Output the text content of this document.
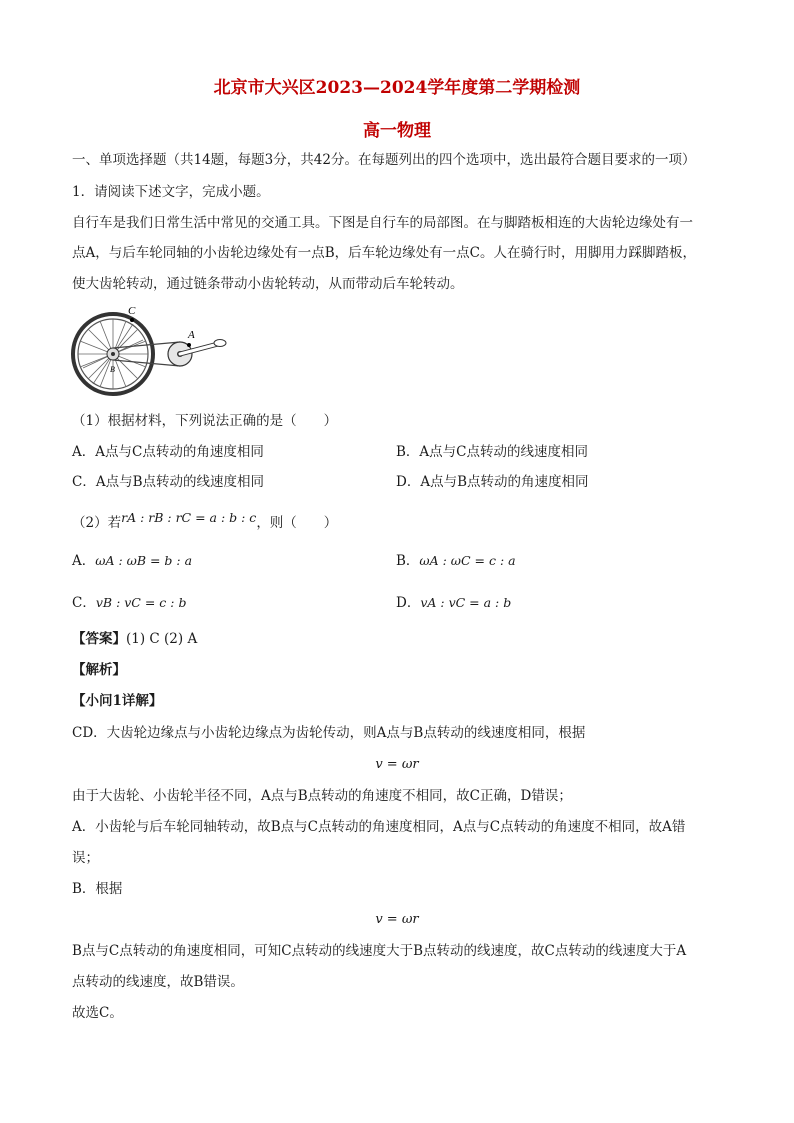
北京市大兴区2023—2024学年度第二学期检测
高一物理
一、单项选择题（共14题，每题3分，共42分。在每题列出的四个选项中，选出最符合题目要求的一项）
1．请阅读下述文字，完成小题。
自行车是我们日常生活中常见的交通工具。下图是自行车的局部图。在与脚踏板相连的大齿轮边缘处有一
点A，与后车轮同轴的小齿轮边缘处有一点B，后车轮边缘处有一点C。人在骑行时，用脚用力踩脚踏板，
使大齿轮转动，通过链条带动小齿轮转动，从而带动后车轮转动。
C
A
B
（1）根据材料，下列说法正确的是（　　）
A．A点与C点转动的角速度相同	B．A点与C点转动的线速度相同
C．A点与B点转动的线速度相同	D．A点与B点转动的角速度相同
（2）若rA : rB : rC = a : b : c，则（　　）
A．ωA : ωB = b : a	B．ωA : ωC = c : a
C．vB : vC = c : b	D．vA : vC = a : b
【答案】(1) C (2) A
【解析】
【小问1详解】
CD．大齿轮边缘点与小齿轮边缘点为齿轮传动，则A点与B点转动的线速度相同，根据
v = ωr
由于大齿轮、小齿轮半径不同，A点与B点转动的角速度不相同，故C正确，D错误；
A．小齿轮与后车轮同轴转动，故B点与C点转动的角速度相同，A点与C点转动的角速度不相同，故A错
误；
B．根据
v = ωr
B点与C点转动的角速度相同，可知C点转动的线速度大于B点转动的线速度，故C点转动的线速度大于A
点转动的线速度，故B错误。
故选C。
